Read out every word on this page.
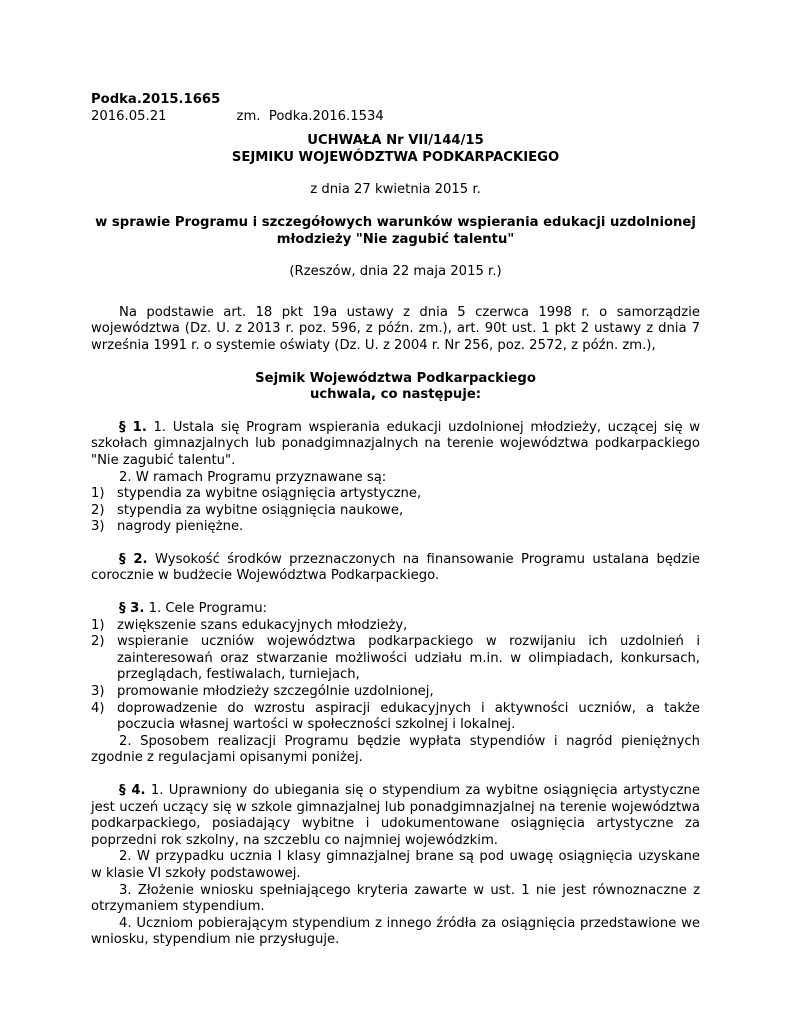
Podka.2015.1665
2016.05.21	zm. Podka.2016.1534
UCHWAŁA Nr VII/144/15
SEJMIKU WOJEWÓDZTWA PODKARPACKIEGO
z dnia 27 kwietnia 2015 r.
w sprawie Programu i szczegółowych warunków wspierania edukacji uzdolnionej młodzieży "Nie zagubić talentu"
(Rzeszów, dnia 22 maja 2015 r.)
Na podstawie art. 18 pkt 19a ustawy z dnia 5 czerwca 1998 r. o samorządzie województwa (Dz. U. z 2013 r. poz. 596, z późn. zm.), art. 90t ust. 1 pkt 2 ustawy z dnia 7 września 1991 r. o systemie oświaty (Dz. U. z 2004 r. Nr 256, poz. 2572, z późn. zm.),
Sejmik Województwa Podkarpackiego
uchwala, co następuje:
§ 1. 1. Ustala się Program wspierania edukacji uzdolnionej młodzieży, uczącej się w szkołach gimnazjalnych lub ponadgimnazjalnych na terenie województwa podkarpackiego "Nie zagubić talentu".
2. W ramach Programu przyznawane są:
1) stypendia za wybitne osiągnięcia artystyczne,
2) stypendia za wybitne osiągnięcia naukowe,
3) nagrody pieniężne.
§ 2. Wysokość środków przeznaczonych na finansowanie Programu ustalana będzie corocznie w budżecie Województwa Podkarpackiego.
§ 3. 1. Cele Programu:
1) zwiększenie szans edukacyjnych młodzieży,
2) wspieranie uczniów województwa podkarpackiego w rozwijaniu ich uzdolnień i zainteresowań oraz stwarzanie możliwości udziału m.in. w olimpiadach, konkursach, przeglądach, festiwalach, turniejach,
3) promowanie młodzieży szczególnie uzdolnionej,
4) doprowadzenie do wzrostu aspiracji edukacyjnych i aktywności uczniów, a także poczucia własnej wartości w społeczności szkolnej i lokalnej.
2. Sposobem realizacji Programu będzie wypłata stypendiów i nagród pieniężnych zgodnie z regulacjami opisanymi poniżej.
§ 4. 1. Uprawniony do ubiegania się o stypendium za wybitne osiągnięcia artystyczne jest uczeń uczący się w szkole gimnazjalnej lub ponadgimnazjalnej na terenie województwa podkarpackiego, posiadający wybitne i udokumentowane osiągnięcia artystyczne za poprzedni rok szkolny, na szczeblu co najmniej wojewódzkim.
2. W przypadku ucznia I klasy gimnazjalnej brane są pod uwagę osiągnięcia uzyskane w klasie VI szkoły podstawowej.
3. Złożenie wniosku spełniającego kryteria zawarte w ust. 1 nie jest równoznaczne z otrzymaniem stypendium.
4. Uczniom pobierającym stypendium z innego źródła za osiągnięcia przedstawione we wniosku, stypendium nie przysługuje.
